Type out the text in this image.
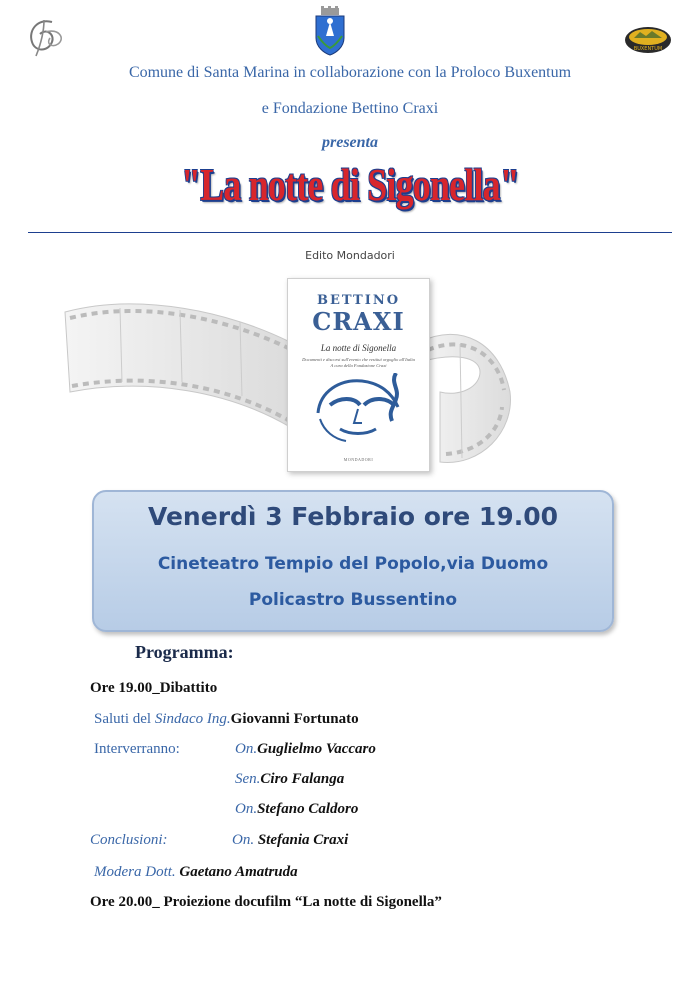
BUXENTUM
Comune di Santa Marina in collaborazione con la Proloco Buxentum
e Fondazione Bettino Craxi
presenta
"La notte di Sigonella"
Edito Mondadori
BETTINO
CRAXI
La notte di Sigonella
Documenti e discorsi sull'evento che restituì orgoglio all'Italia A cura della Fondazione Craxi
MONDADORI
Venerdì 3 Febbraio ore 19.00
Cineteatro Tempio del Popolo,via Duomo
Policastro Bussentino
Programma:
Ore 19.00_Dibattito
Saluti del Sindaco Ing.Giovanni Fortunato
Interverranno:	On.Guglielmo Vaccaro
Sen.Ciro Falanga
On.Stefano Caldoro
Conclusioni:	On. Stefania Craxi
Modera Dott. Gaetano Amatruda
Ore 20.00_ Proiezione docufilm “La notte di Sigonella”
